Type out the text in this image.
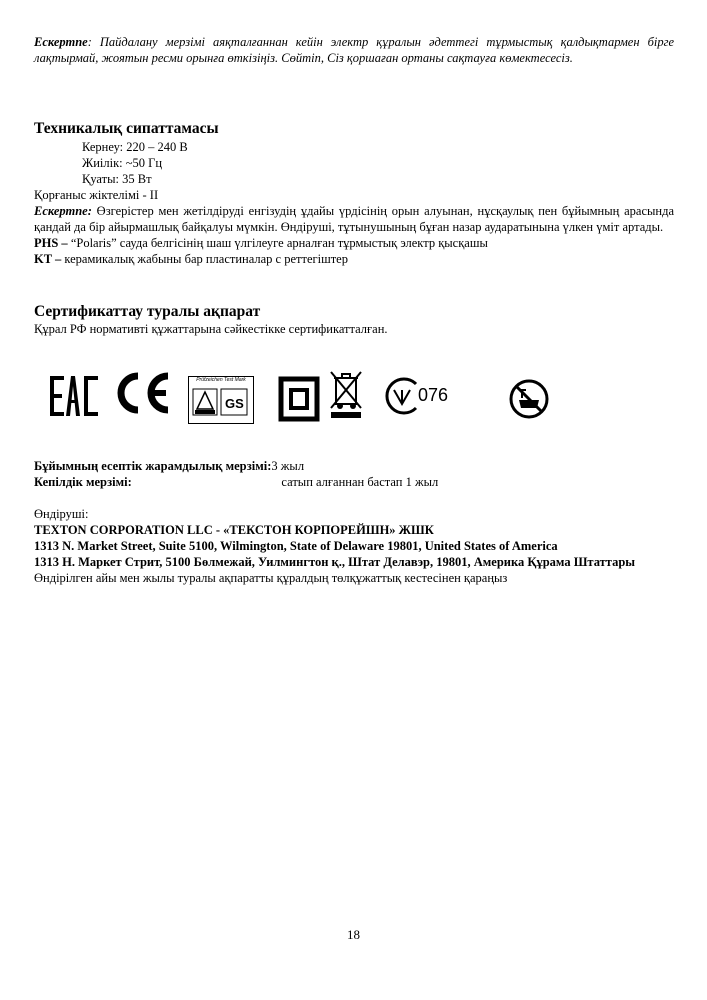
Ескертпе: Пайдалану мерзімі аяқталғаннан кейін электр құралын әдеттегі тұрмыстық қалдықтармен бірге лақтырмай, жоятын ресми орынға өткізіңіз. Сөйтіп, Сіз қоршаған ортаны сақтауға көмектесесіз.
Техникалық сипаттамасы
Кернеу: 220 – 240 В
Жиілік: ~50 Гц
Қуаты: 35 Вт
Қорғаныс жіктелімі - II
Ескертпе: Өзгерістер мен жетілдіруді енгізудің ұдайы үрдісінің орын алуынан, нұсқаулық пен бұйымның арасында қандай да бір айырмашлық байқалуы мүмкін. Өндіруші, тұтынушының бұған назар аударатынына үлкен үміт артады.
PHS – “Polaris” сауда белгісінің шаш үлгілеуге арналған тұрмыстық электр қысқашы
KT – керамикалық жабыны бар пластиналар с реттегіштер
Сертификаттау туралы ақпарат
Құрал РФ нормативті құжаттарына сәйкестікке сертификатталған.
Prüfzeichen Test Mark
GS	076
Бұйымның есептік жарамдылық мерзімі:	3 жыл
Кепілдік мерзімі:	сатып алғаннан бастап 1 жыл
Өндіруші:
TEXTON CORPORATION LLC - «ТЕКСТОН КОРПОРЕЙШН» ЖШК
1313 N. Market Street, Suite 5100, Wilmington, State of Delaware 19801, United States of America
1313 Н. Маркет Стрит, 5100 Бөлмежай, Уилмингтон қ., Штат Делавэр, 19801, Америка Құрама Штаттары
Өндірілген айы мен жылы туралы ақпаратты құралдың төлқұжаттық кестесінен қараңыз
18
